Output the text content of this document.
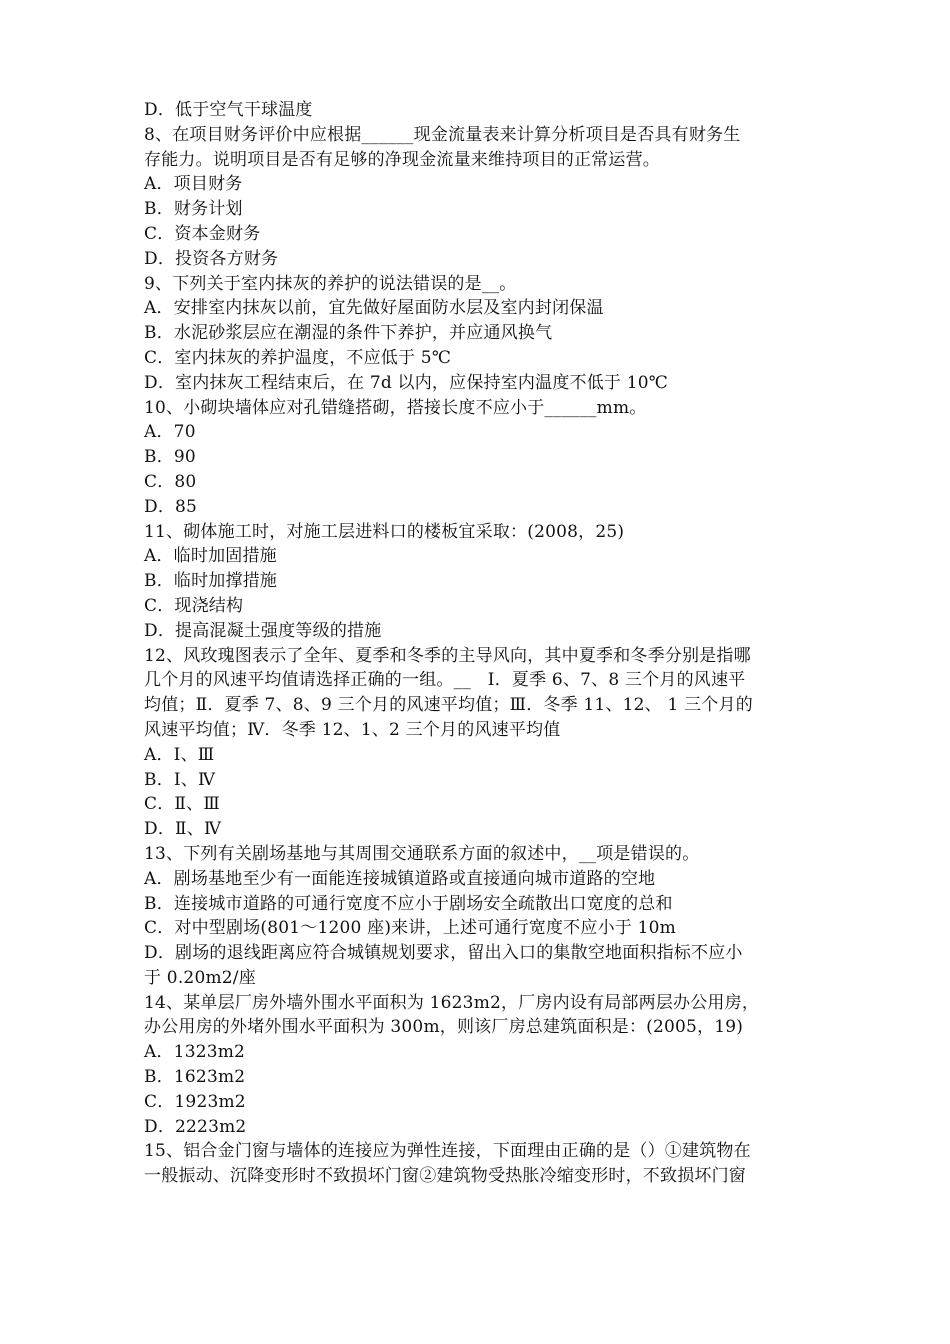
D．低于空气干球温度
8、在项目财务评价中应根据______现金流量表来计算分析项目是否具有财务生
存能力。说明项目是否有足够的净现金流量来维持项目的正常运营。
A．项目财务
B．财务计划
C．资本金财务
D．投资各方财务
9、下列关于室内抹灰的养护的说法错误的是__。
A．安排室内抹灰以前，宜先做好屋面防水层及室内封闭保温
B．水泥砂浆层应在潮湿的条件下养护，并应通风换气
C．室内抹灰的养护温度，不应低于 5℃
D．室内抹灰工程结束后，在 7d 以内，应保持室内温度不低于 10℃
10、小砌块墙体应对孔错缝搭砌，搭接长度不应小于______mm。
A．70
B．90
C．80
D．85
11、砌体施工时，对施工层进料口的楼板宜采取：(2008，25)
A．临时加固措施
B．临时加撑措施
C．现浇结构
D．提高混凝土强度等级的措施
12、风玫瑰图表示了全年、夏季和冬季的主导风向，其中夏季和冬季分别是指哪
几个月的风速平均值请选择正确的一组。__   Ⅰ．夏季 6、7、8 三个月的风速平
均值；Ⅱ．夏季 7、8、9 三个月的风速平均值；Ⅲ．冬季 11、12、 1 三个月的
风速平均值；Ⅳ．冬季 12、1、2 三个月的风速平均值
A．Ⅰ、Ⅲ
B．Ⅰ、Ⅳ
C．Ⅱ、Ⅲ
D．Ⅱ、Ⅳ
13、下列有关剧场基地与其周围交通联系方面的叙述中，__项是错误的。
A．剧场基地至少有一面能连接城镇道路或直接通向城市道路的空地
B．连接城市道路的可通行宽度不应小于剧场安全疏散出口宽度的总和
C．对中型剧场(801～1200 座)来讲，上述可通行宽度不应小于 10m
D．剧场的退线距离应符合城镇规划要求，留出入口的集散空地面积指标不应小
于 0.20m2/座
14、某单层厂房外墙外围水平面积为 1623m2，厂房内设有局部两层办公用房，
办公用房的外堵外围水平面积为 300m，则该厂房总建筑面积是：(2005，19)
A．1323m2
B．1623m2
C．1923m2
D．2223m2
15、铝合金门窗与墙体的连接应为弹性连接，下面理由正确的是（）①建筑物在
一般振动、沉降变形时不致损坏门窗②建筑物受热胀冷缩变形时，不致损坏门窗
